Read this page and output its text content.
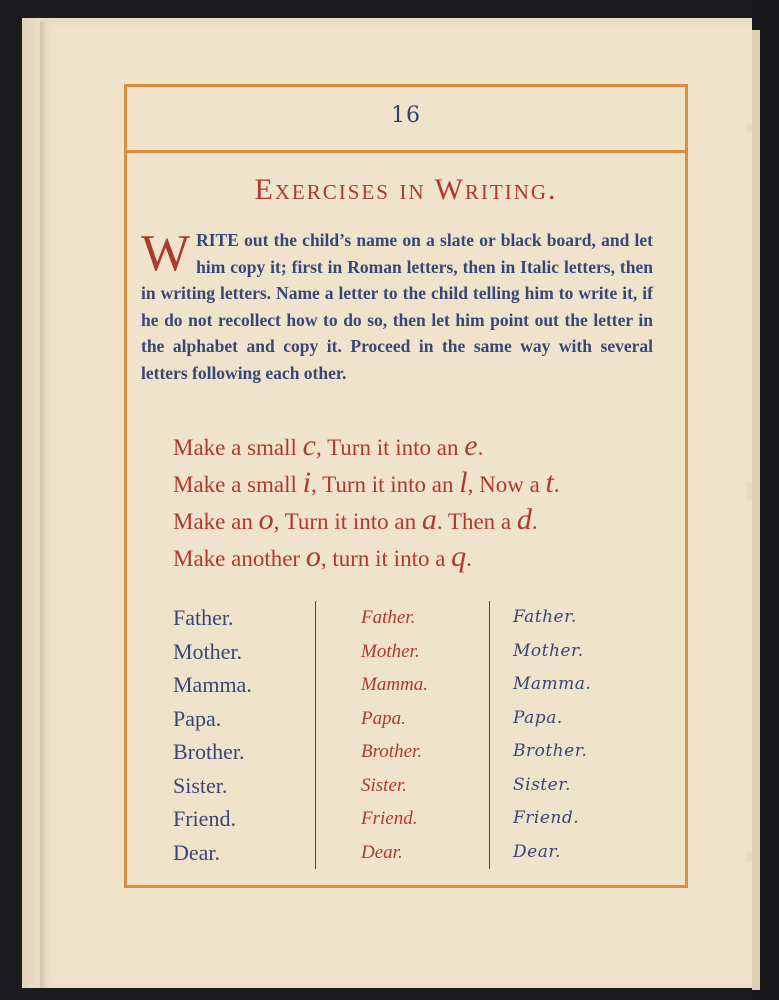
16
Exercises in Writing.
WRITE out the child’s name on a slate or black board, and let him copy it; first in Roman letters, then in Italic letters, then in writing letters. Name a letter to the child telling him to write it, if he do not recollect how to do so, then let him point out the letter in the alphabet and copy it. Proceed in the same way with several letters following each other.
Make a small c, Turn it into an e.
Make a small i, Turn it into an l, Now a t.
Make an o, Turn it into an a. Then a d.
Make another o, turn it into a q.
Father.
Mother.
Mamma.
Papa.
Brother.
Sister.
Friend.
Dear.
Father.
Mother.
Mamma.
Papa.
Brother.
Sister.
Friend.
Dear.
Father.
Mother.
Mamma.
Papa.
Brother.
Sister.
Friend.
Dear.
